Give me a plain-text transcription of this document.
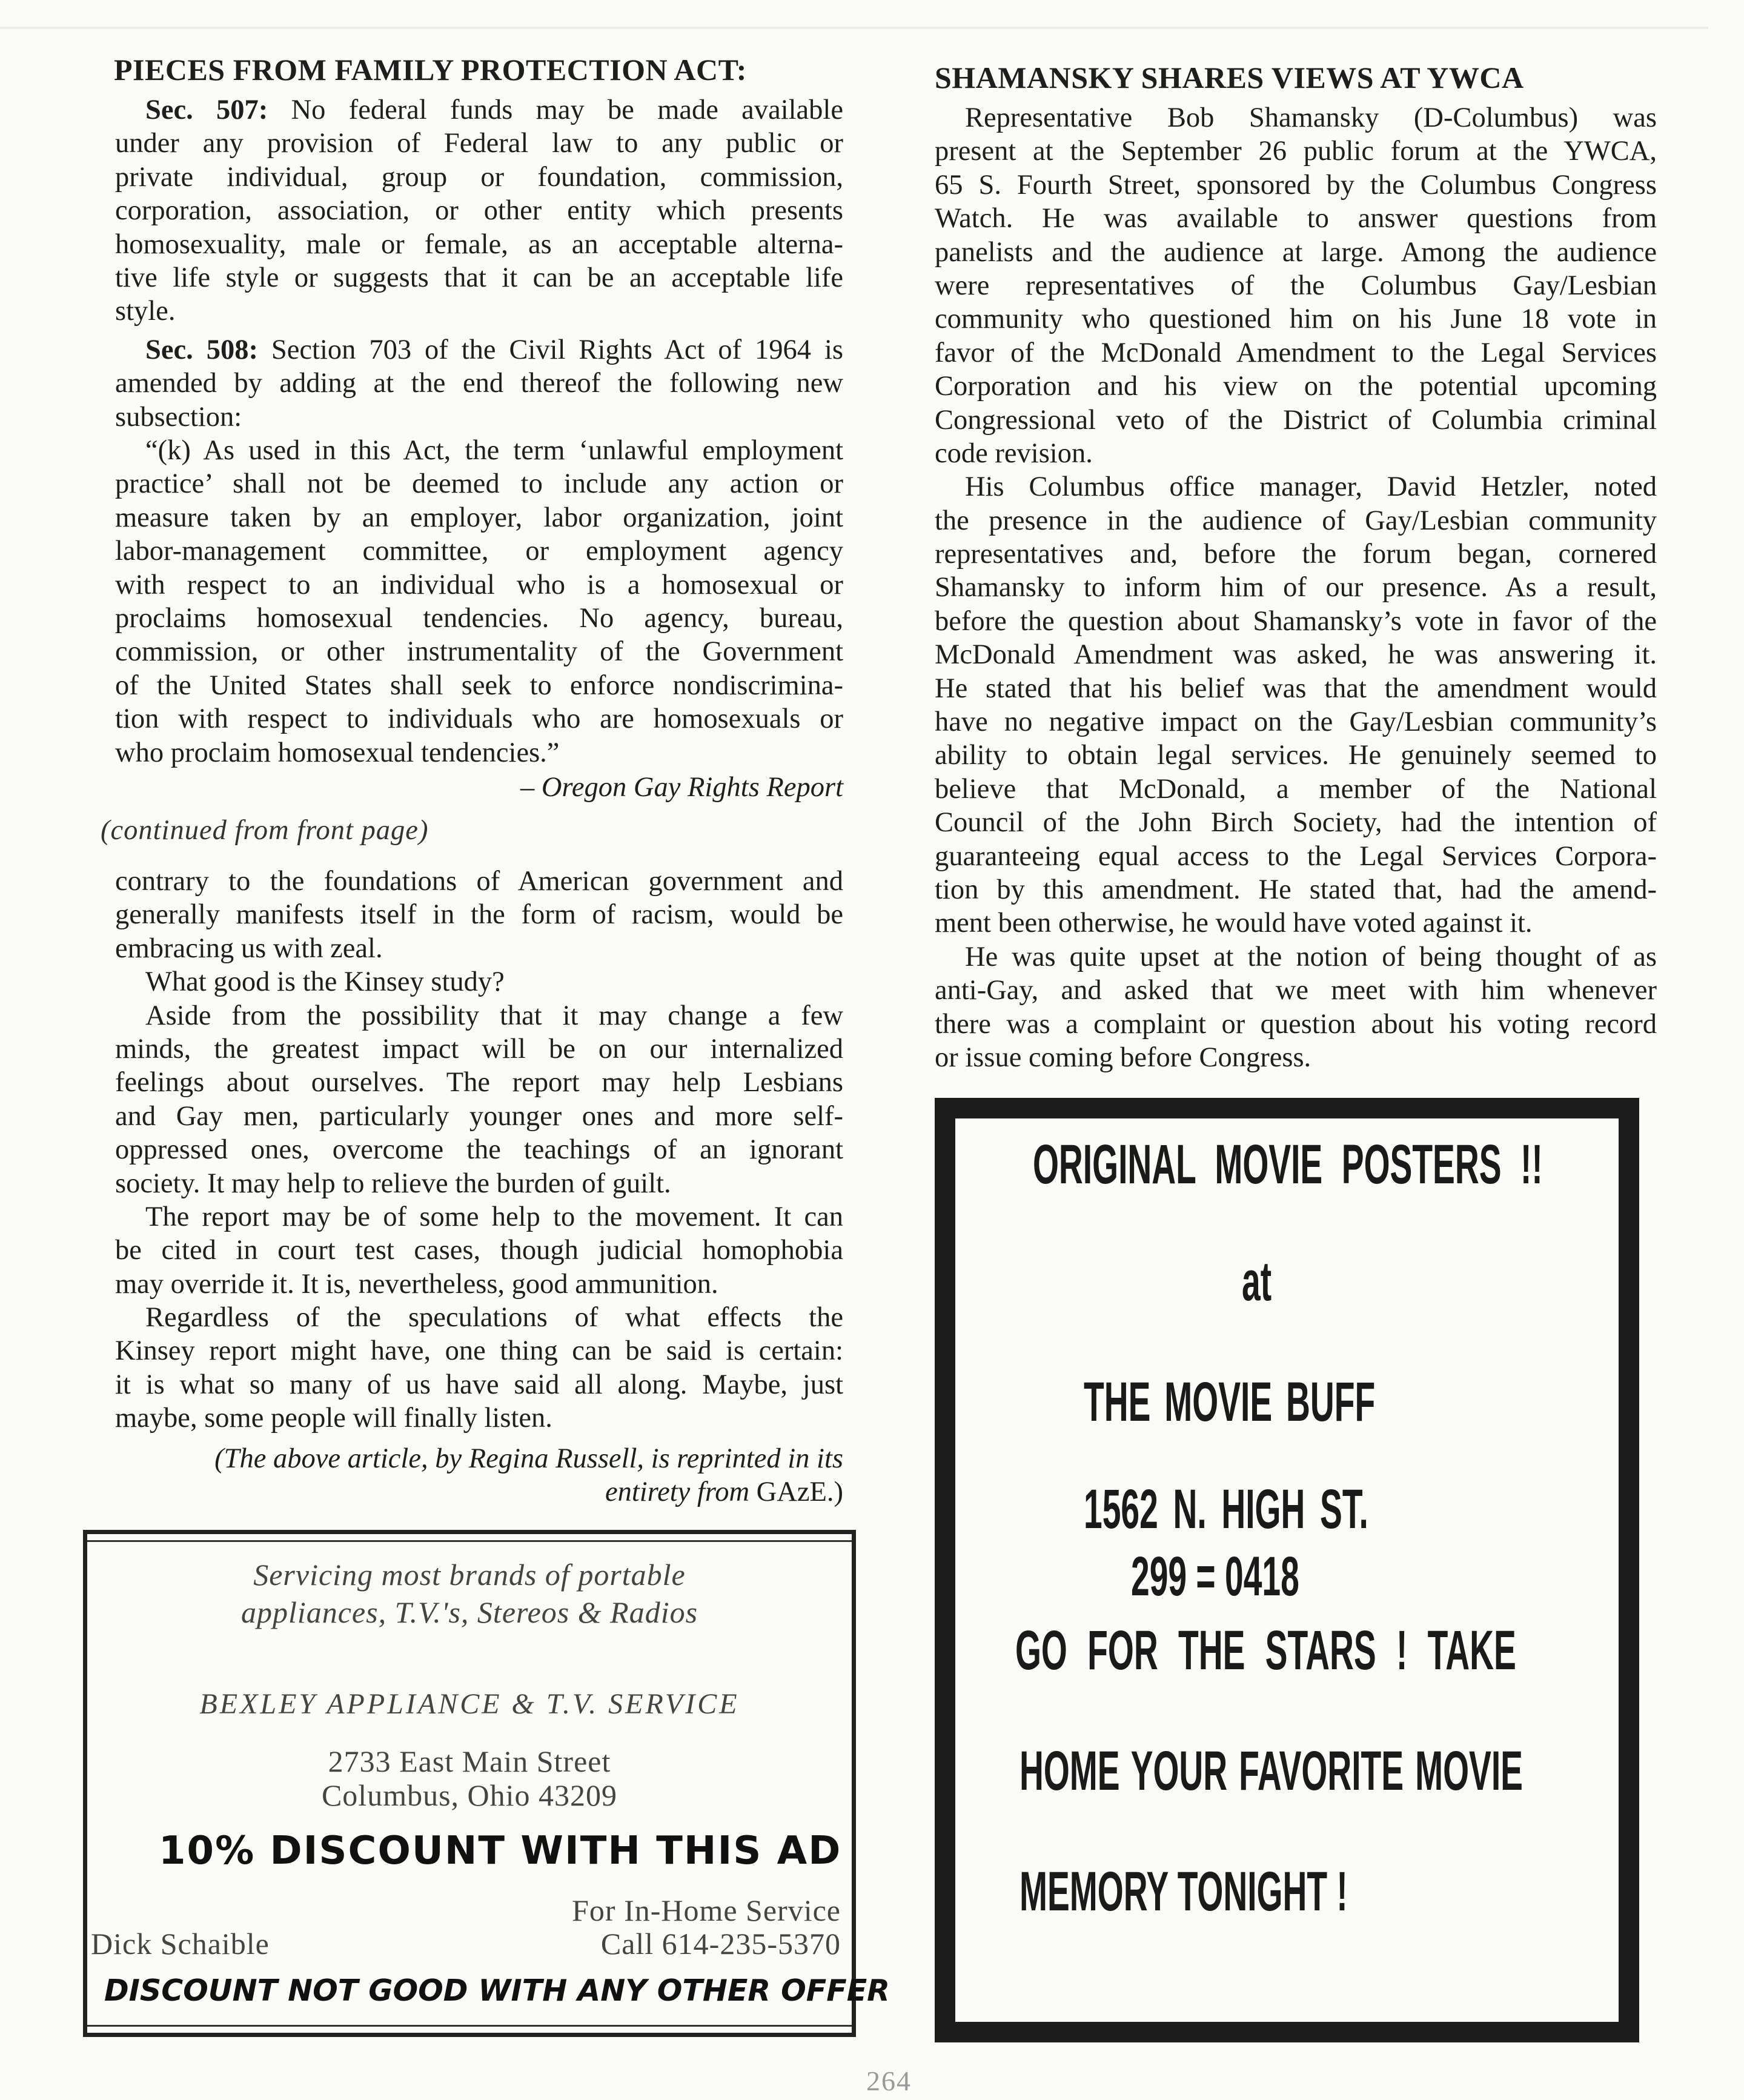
PIECES FROM FAMILY PROTECTION ACT:
Sec. 507: No federal funds may be made available
under any provision of Federal law to any public or
private individual, group or foundation, commission,
corporation, association, or other entity which presents
homosexuality, male or female, as an acceptable alterna-
tive life style or suggests that it can be an acceptable life
style.
Sec. 508: Section 703 of the Civil Rights Act of 1964 is
amended by adding at the end thereof the following new
subsection:
“(k) As used in this Act, the term ‘unlawful employment
practice’ shall not be deemed to include any action or
measure taken by an employer, labor organization, joint
labor-management committee, or employment agency
with respect to an individual who is a homosexual or
proclaims homosexual tendencies. No agency, bureau,
commission, or other instrumentality of the Government
of the United States shall seek to enforce nondiscrimina-
tion with respect to individuals who are homosexuals or
who proclaim homosexual tendencies.”
– Oregon Gay Rights Report
(continued from front page)
contrary to the foundations of American government and
generally manifests itself in the form of racism, would be
embracing us with zeal.
What good is the Kinsey study?
Aside from the possibility that it may change a few
minds, the greatest impact will be on our internalized
feelings about ourselves. The report may help Lesbians
and Gay men, particularly younger ones and more self-
oppressed ones, overcome the teachings of an ignorant
society. It may help to relieve the burden of guilt.
The report may be of some help to the movement. It can
be cited in court test cases, though judicial homophobia
may override it. It is, nevertheless, good ammunition.
Regardless of the speculations of what effects the
Kinsey report might have, one thing can be said is certain:
it is what so many of us have said all along. Maybe, just
maybe, some people will finally listen.
(The above article, by Regina Russell, is reprinted in its
entirety from GAzE.)
SHAMANSKY SHARES VIEWS AT YWCA
Representative Bob Shamansky (D-Columbus) was
present at the September 26 public forum at the YWCA,
65 S. Fourth Street, sponsored by the Columbus Congress
Watch. He was available to answer questions from
panelists and the audience at large. Among the audience
were representatives of the Columbus Gay/Lesbian
community who questioned him on his June 18 vote in
favor of the McDonald Amendment to the Legal Services
Corporation and his view on the potential upcoming
Congressional veto of the District of Columbia criminal
code revision.
His Columbus office manager, David Hetzler, noted
the presence in the audience of Gay/Lesbian community
representatives and, before the forum began, cornered
Shamansky to inform him of our presence. As a result,
before the question about Shamansky’s vote in favor of the
McDonald Amendment was asked, he was answering it.
He stated that his belief was that the amendment would
have no negative impact on the Gay/Lesbian community’s
ability to obtain legal services. He genuinely seemed to
believe that McDonald, a member of the National
Council of the John Birch Society, had the intention of
guaranteeing equal access to the Legal Services Corpora-
tion by this amendment. He stated that, had the amend-
ment been otherwise, he would have voted against it.
He was quite upset at the notion of being thought of as
anti-Gay, and asked that we meet with him whenever
there was a complaint or question about his voting record
or issue coming before Congress.
Servicing most brands of portable
appliances, T.V.'s, Stereos & Radios
BEXLEY APPLIANCE & T.V. SERVICE
2733 East Main Street
Columbus, Ohio 43209
10% DISCOUNT WITH THIS AD
For In-Home Service
Dick Schaible	Call 614-235-5370
DISCOUNT NOT GOOD WITH ANY OTHER OFFER
ORIGINAL MOVIE POSTERS !!
at
THE MOVIE BUFF
1562 N. HIGH ST.
299 = 0418
GO FOR THE STARS ! TAKE
HOME YOUR FAVORITE MOVIE
MEMORY TONIGHT !
264
